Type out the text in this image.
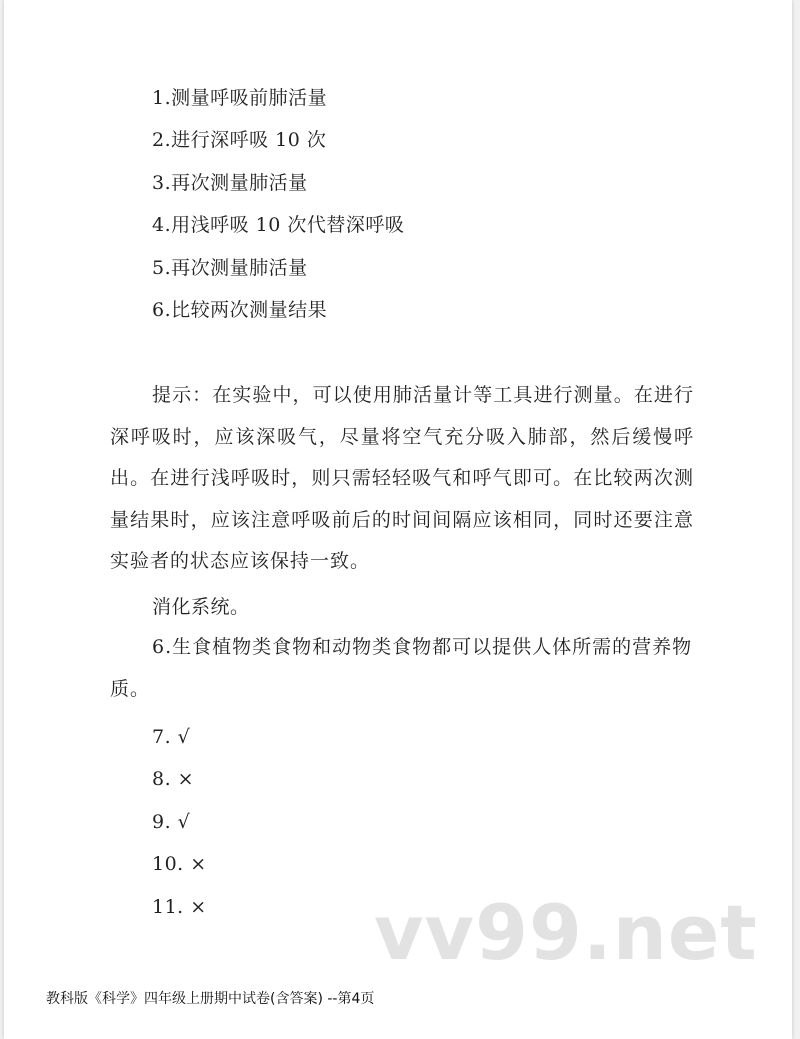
1.测量呼吸前肺活量
2.进行深呼吸 10 次
3.再次测量肺活量
4.用浅呼吸 10 次代替深呼吸
5.再次测量肺活量
6.比较两次测量结果
提示：在实验中，可以使用肺活量计等工具进行测量。在进行深呼吸时，应该深吸气，尽量将空气充分吸入肺部，然后缓慢呼出。在进行浅呼吸时，则只需轻轻吸气和呼气即可。在比较两次测量结果时，应该注意呼吸前后的时间间隔应该相同，同时还要注意实验者的状态应该保持一致。
消化系统。
6.生食植物类食物和动物类食物都可以提供人体所需的营养物质。
7. √
8. ×
9. √
10. ×
11. × vv99.net
教科版《科学》四年级上册期中试卷(含答案) --第4页
